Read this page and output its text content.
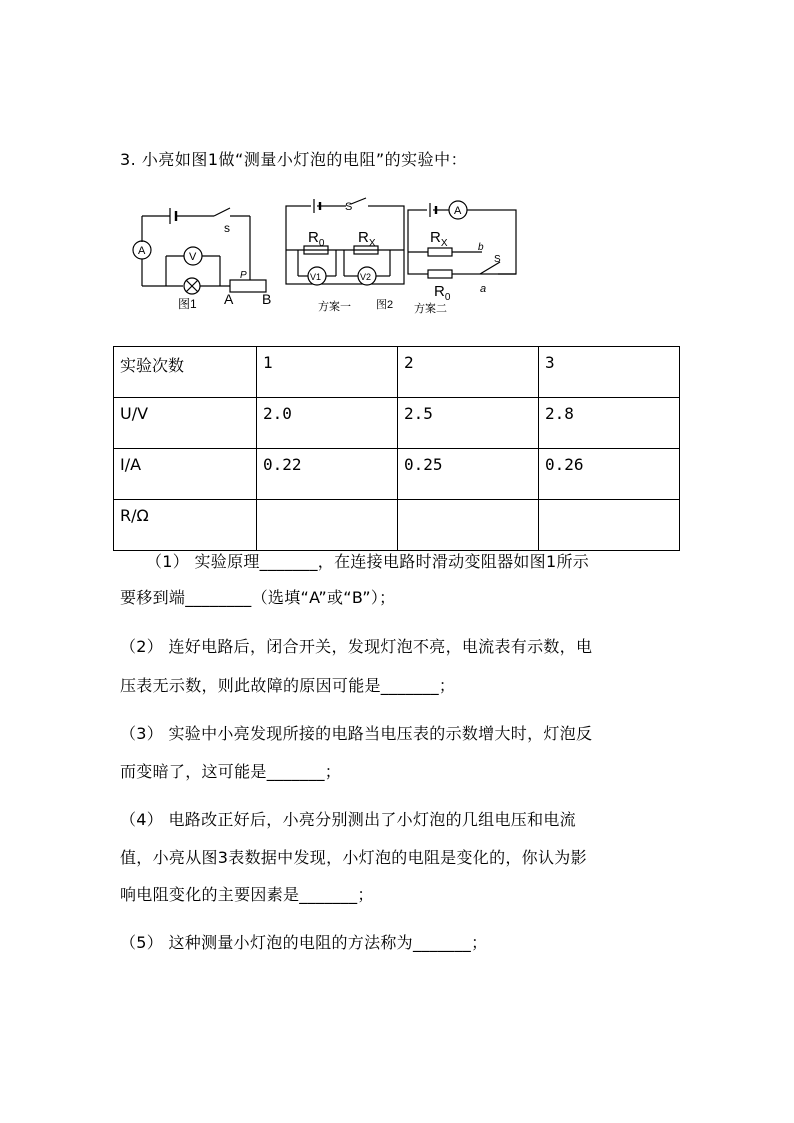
3. 小亮如图1做“测量小灯泡的电阻”的实验中：
s
A	V
P
图1 A B
S
$R_0$ $R_X$
V1	V2
方案一 图2
A
$R_X$	b
S
$R_0$
a
方案二
实验次数	1	2	3
U/V	2.0	2.5	2.8
I/A	0.22	0.25	0.26
R/Ω			
（1） 实验原理_______，在连接电路时滑动变阻器如图1所示
要移到端________（选填“A”或“B”）；
（2） 连好电路后，闭合开关，发现灯泡不亮，电流表有示数，电
压表无示数，则此故障的原因可能是_______；
（3） 实验中小亮发现所接的电路当电压表的示数增大时，灯泡反
而变暗了，这可能是_______；
（4） 电路改正好后，小亮分别测出了小灯泡的几组电压和电流
值，小亮从图3表数据中发现，小灯泡的电阻是变化的，你认为影
响电阻变化的主要因素是_______；
（5） 这种测量小灯泡的电阻的方法称为_______；
